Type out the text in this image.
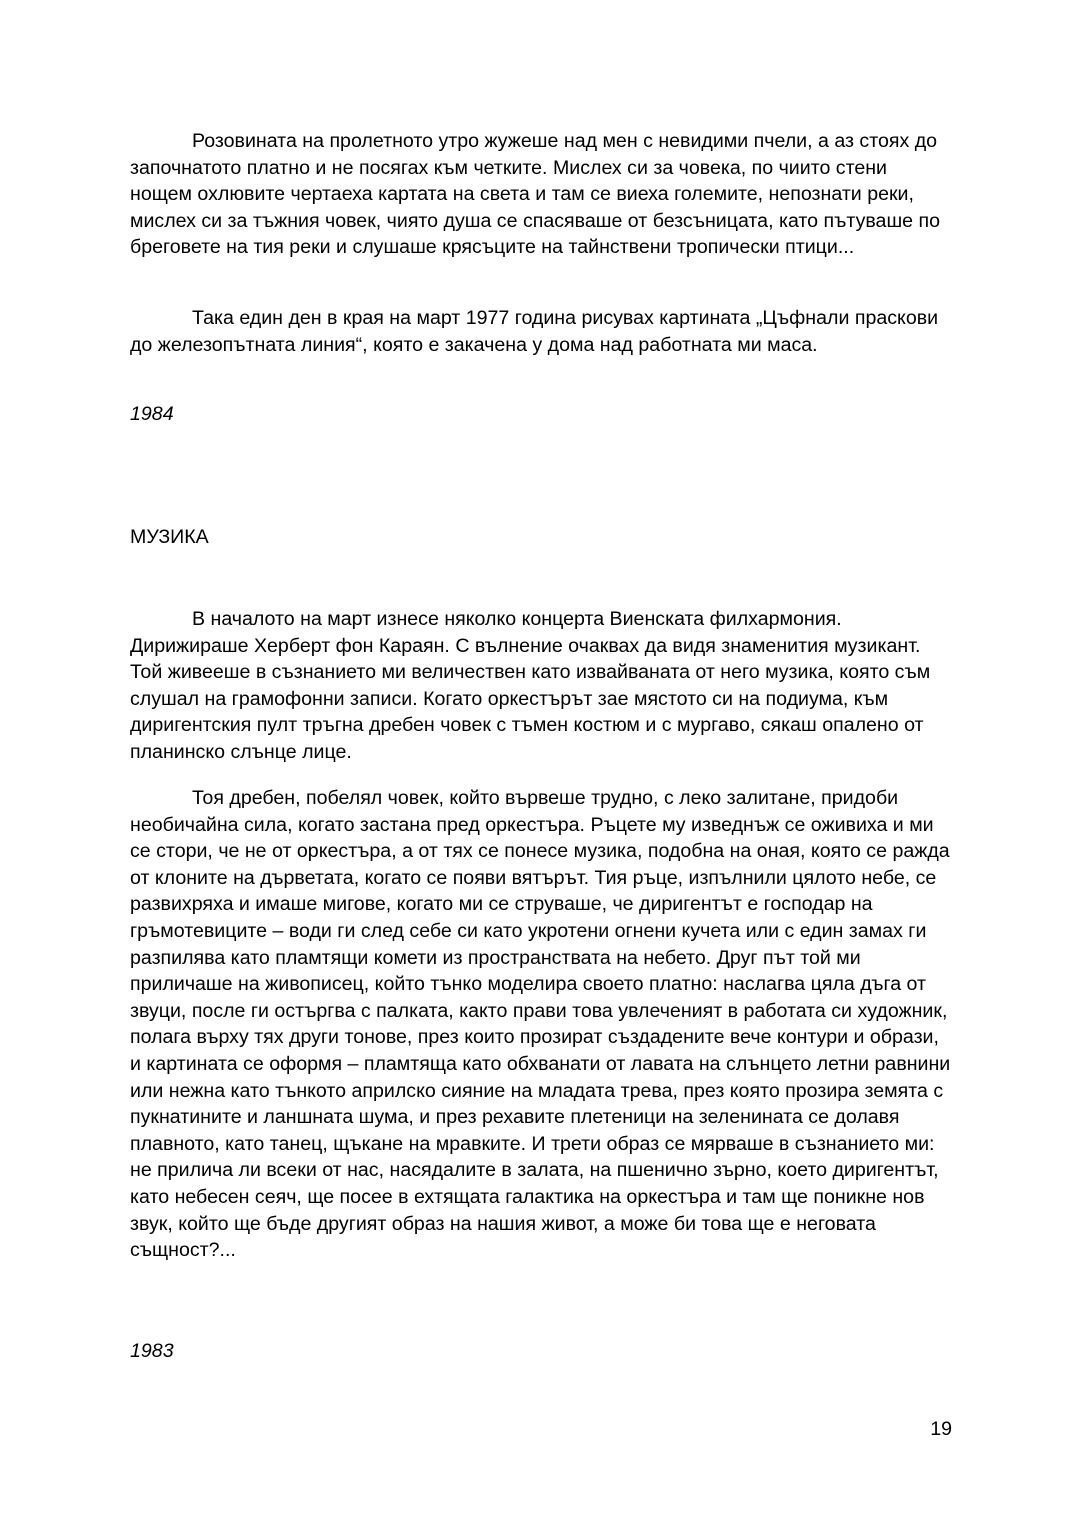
Розовината на пролетното утро жужеше над мен с невидими пчели, а аз стоях до започнатото платно и не посягах към четките. Мислех си за човека, по чиито стени нощем охлювите чертаеха картата на света и там се виеха големите, непознати реки, мислех си за тъжния човек, чиято душа се спасяваше от безсъницата, като пътуваше по бреговете на тия реки и слушаше крясъците на тайнствени тропически птици...

Така един ден в края на март 1977 година рисувах картината „Цъфнали праскови до железопътната линия“, която е закачена у дома над работната ми маса.

1984

МУЗИКА

В началото на март изнесе няколко концерта Виенската филхармония. Дирижираше Херберт фон Караян. С вълнение очаквах да видя знаменития музикант. Той живееше в съзнанието ми величествен като извайваната от него музика, която съм слушал на грамофонни записи. Когато оркестърът зае мястото си на подиума, към диригентския пулт тръгна дребен човек с тъмен костюм и с мургаво, сякаш опалено от планинско слънце лице.

Тоя дребен, побелял човек, който вървеше трудно, с леко залитане, придоби необичайна сила, когато застана пред оркестъра. Ръцете му изведнъж се оживиха и ми се стори, че не от оркестъра, а от тях се понесе музика, подобна на оная, която се ражда от клоните на дърветата, когато се появи вятърът. Тия ръце, изпълнили цялото небе, се развихряха и имаше мигове, когато ми се струваше, че диригентът е господар на гръмотевиците – води ги след себе си като укротени огнени кучета или с един замах ги разпилява като пламтящи комети из пространствата на небето. Друг път той ми приличаше на живописец, който тънко моделира своето платно: наслагва цяла дъга от звуци, после ги остъргва с палката, както прави това увлеченият в работата си художник, полага върху тях други тонове, през които прозират създадените вече контури и образи, и картината се оформя – пламтяща като обхванати от лавата на слънцето летни равнини или нежна като тънкото априлско сияние на младата трева, през която прозира земята с пукнатините и ланшната шума, и през рехавите плетеници на зеленината се долавя плавното, като танец, щъкане на мравките. И трети образ се мярваше в съзнанието ми: не прилича ли всеки от нас, насядалите в залата, на пшенично зърно, което диригентът, като небесен сеяч, ще посее в ехтящата галактика на оркестъра и там ще поникне нов звук, който ще бъде другият образ на нашия живот, а може би това ще е неговата същност?...

1983

19
